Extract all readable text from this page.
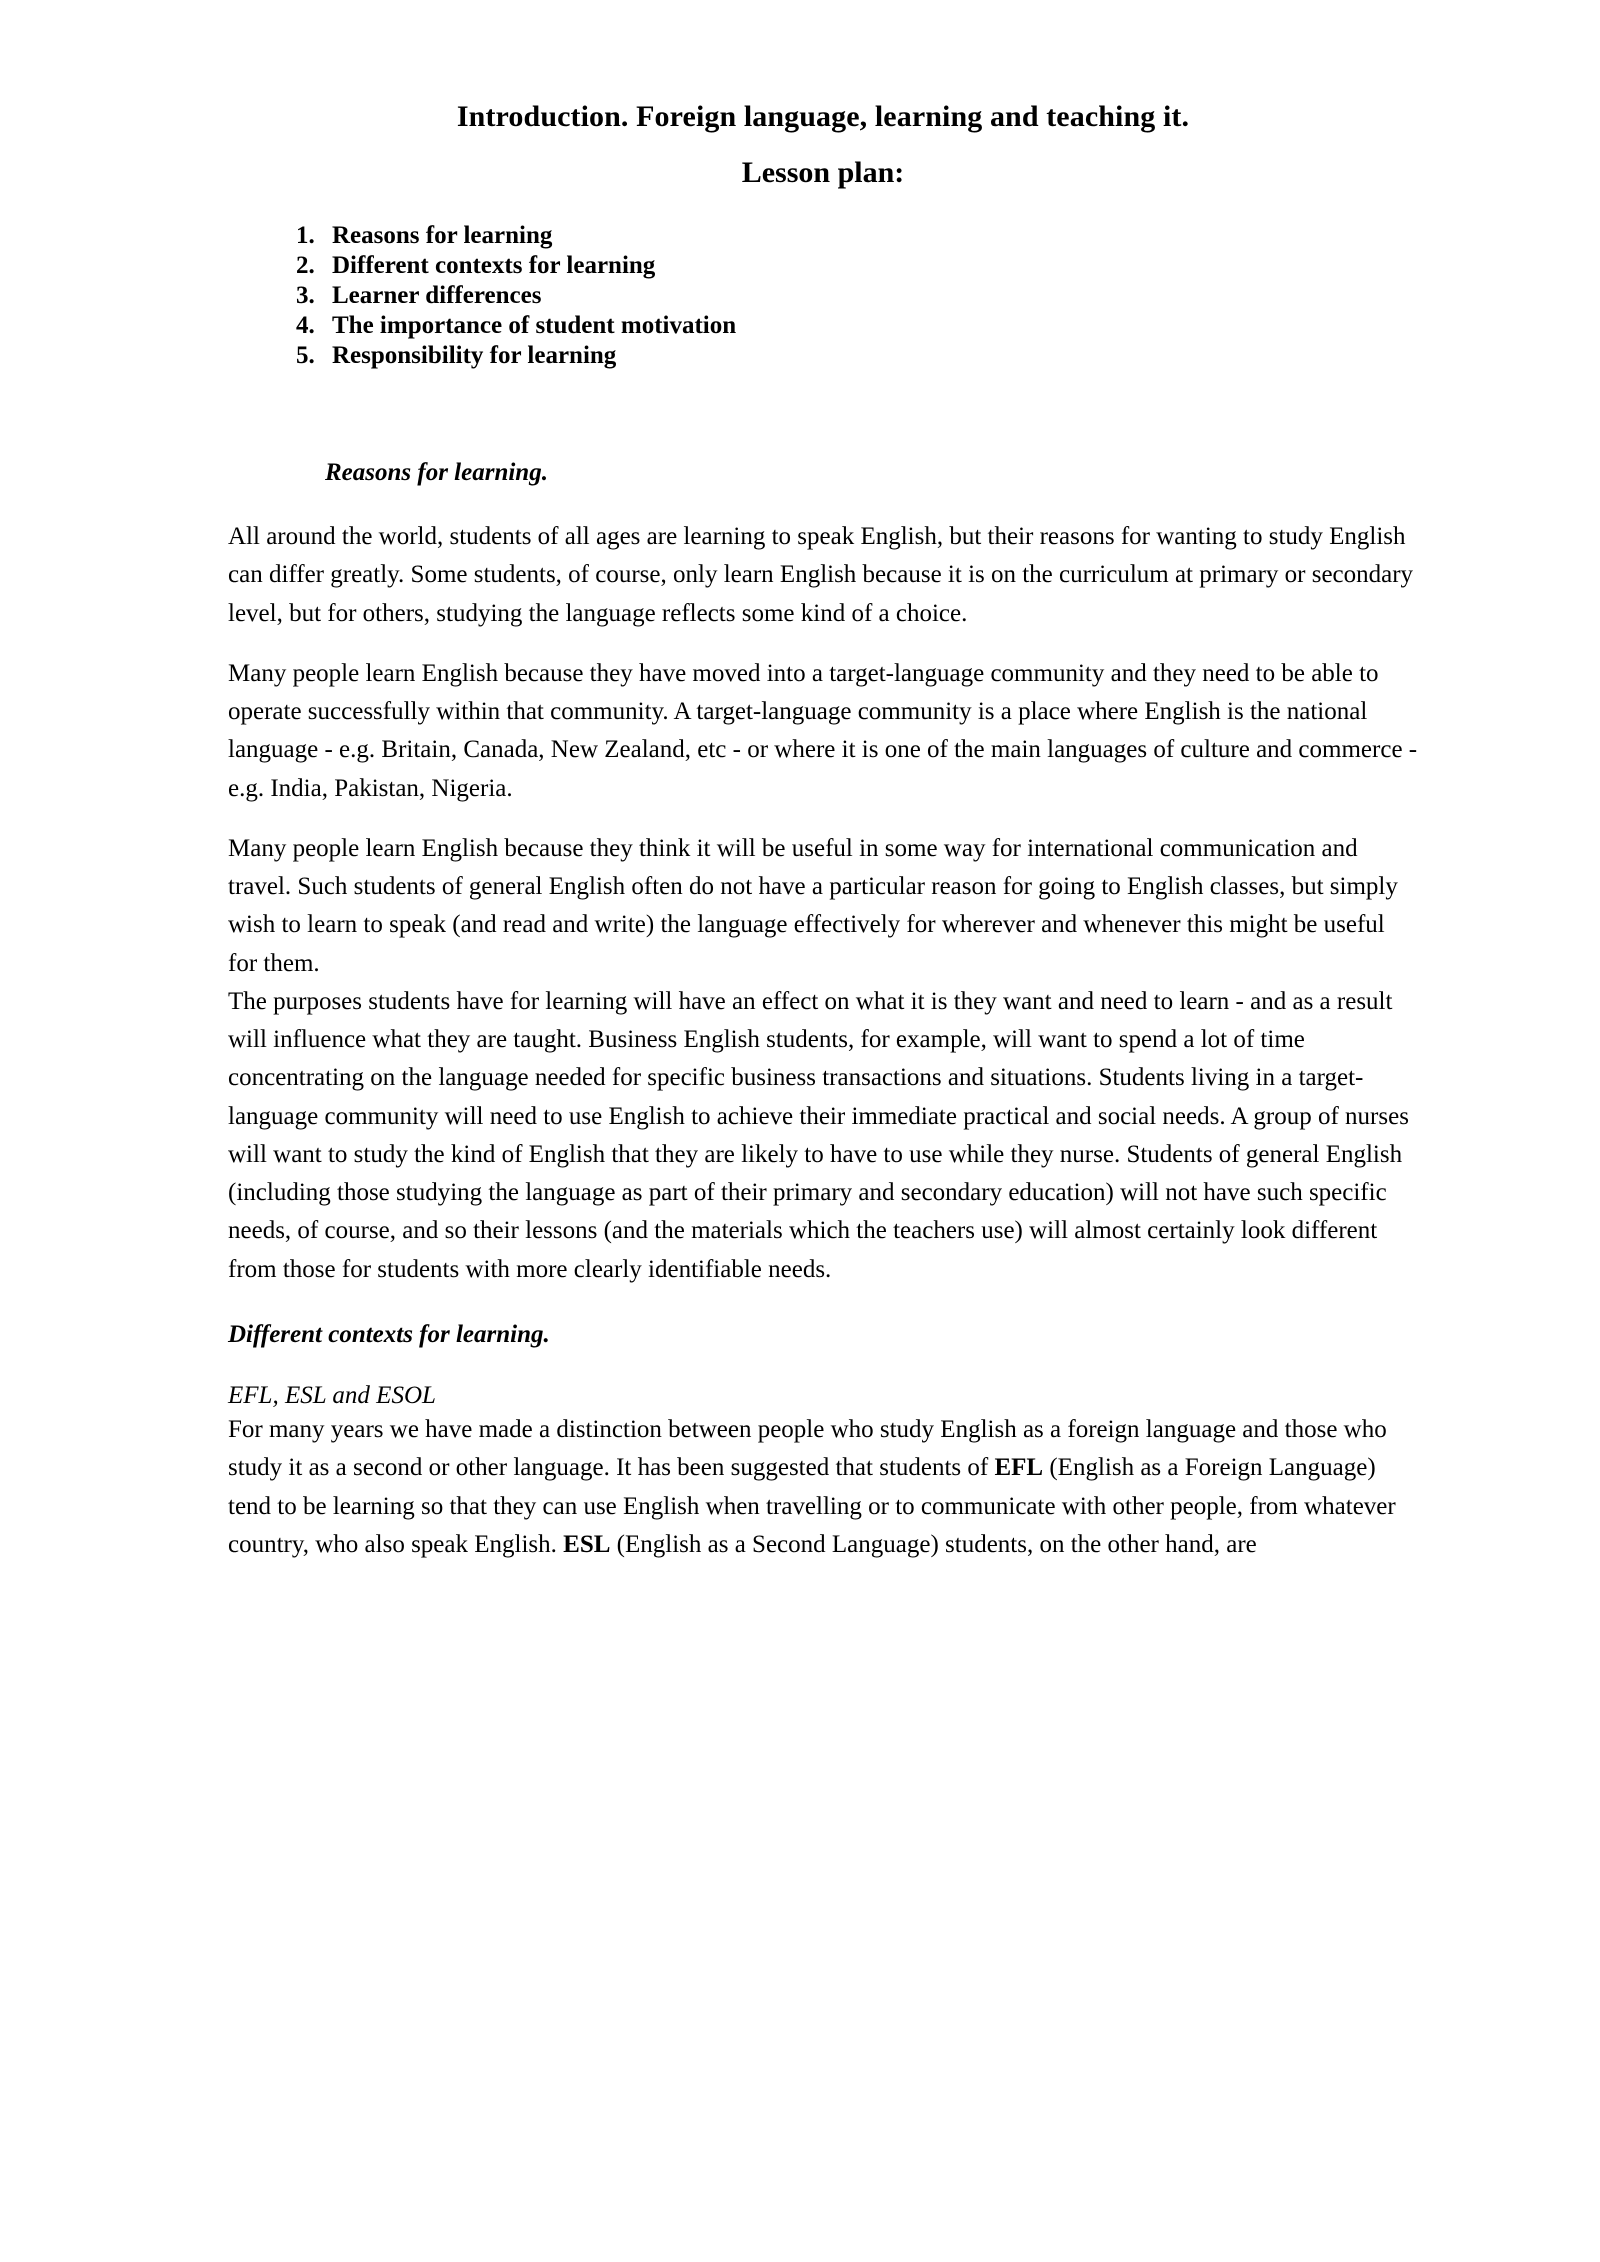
Introduction. Foreign language, learning and teaching it.
Lesson plan:
Reasons for learning
Different contexts for learning
Learner differences
The importance of student motivation
Responsibility for learning
Reasons for learning.

All around the world, students of all ages are learning to speak English, but their reasons for wanting to study English can differ greatly. Some students, of course, only learn English because it is on the curriculum at primary or secondary level, but for others, studying the language reflects some kind of a choice.

Many people learn English because they have moved into a target-language community and they need to be able to operate successfully within that community. A target-language community is a place where English is the national language - e.g. Britain, Canada, New Zealand, etc - or where it is one of the main languages of culture and commerce - e.g. India, Pakistan, Nigeria.

Many people learn English because they think it will be useful in some way for international communication and travel. Such students of general English often do not have a particular reason for going to English classes, but simply wish to learn to speak (and read and write) the language effectively for wherever and whenever this might be useful for them.

The purposes students have for learning will have an effect on what it is they want and need to learn - and as a result will influence what they are taught. Business English students, for example, will want to spend a lot of time concentrating on the language needed for specific business transactions and situations. Students living in a target-language community will need to use English to achieve their immediate practical and social needs. A group of nurses will want to study the kind of English that they are likely to have to use while they nurse. Students of general English (including those studying the language as part of their primary and secondary education) will not have such specific needs, of course, and so their lessons (and the materials which the teachers use) will almost certainly look different from those for students with more clearly identifiable needs.

Different contexts for learning.
EFL, ESL and ESOL

For many years we have made a distinction between people who study English as a foreign language and those who study it as a second or other language. It has been suggested that students of EFL (English as a Foreign Language) tend to be learning so that they can use English when travelling or to communicate with other people, from whatever country, who also speak English. ESL (English as a Second Language) students, on the other hand, are
